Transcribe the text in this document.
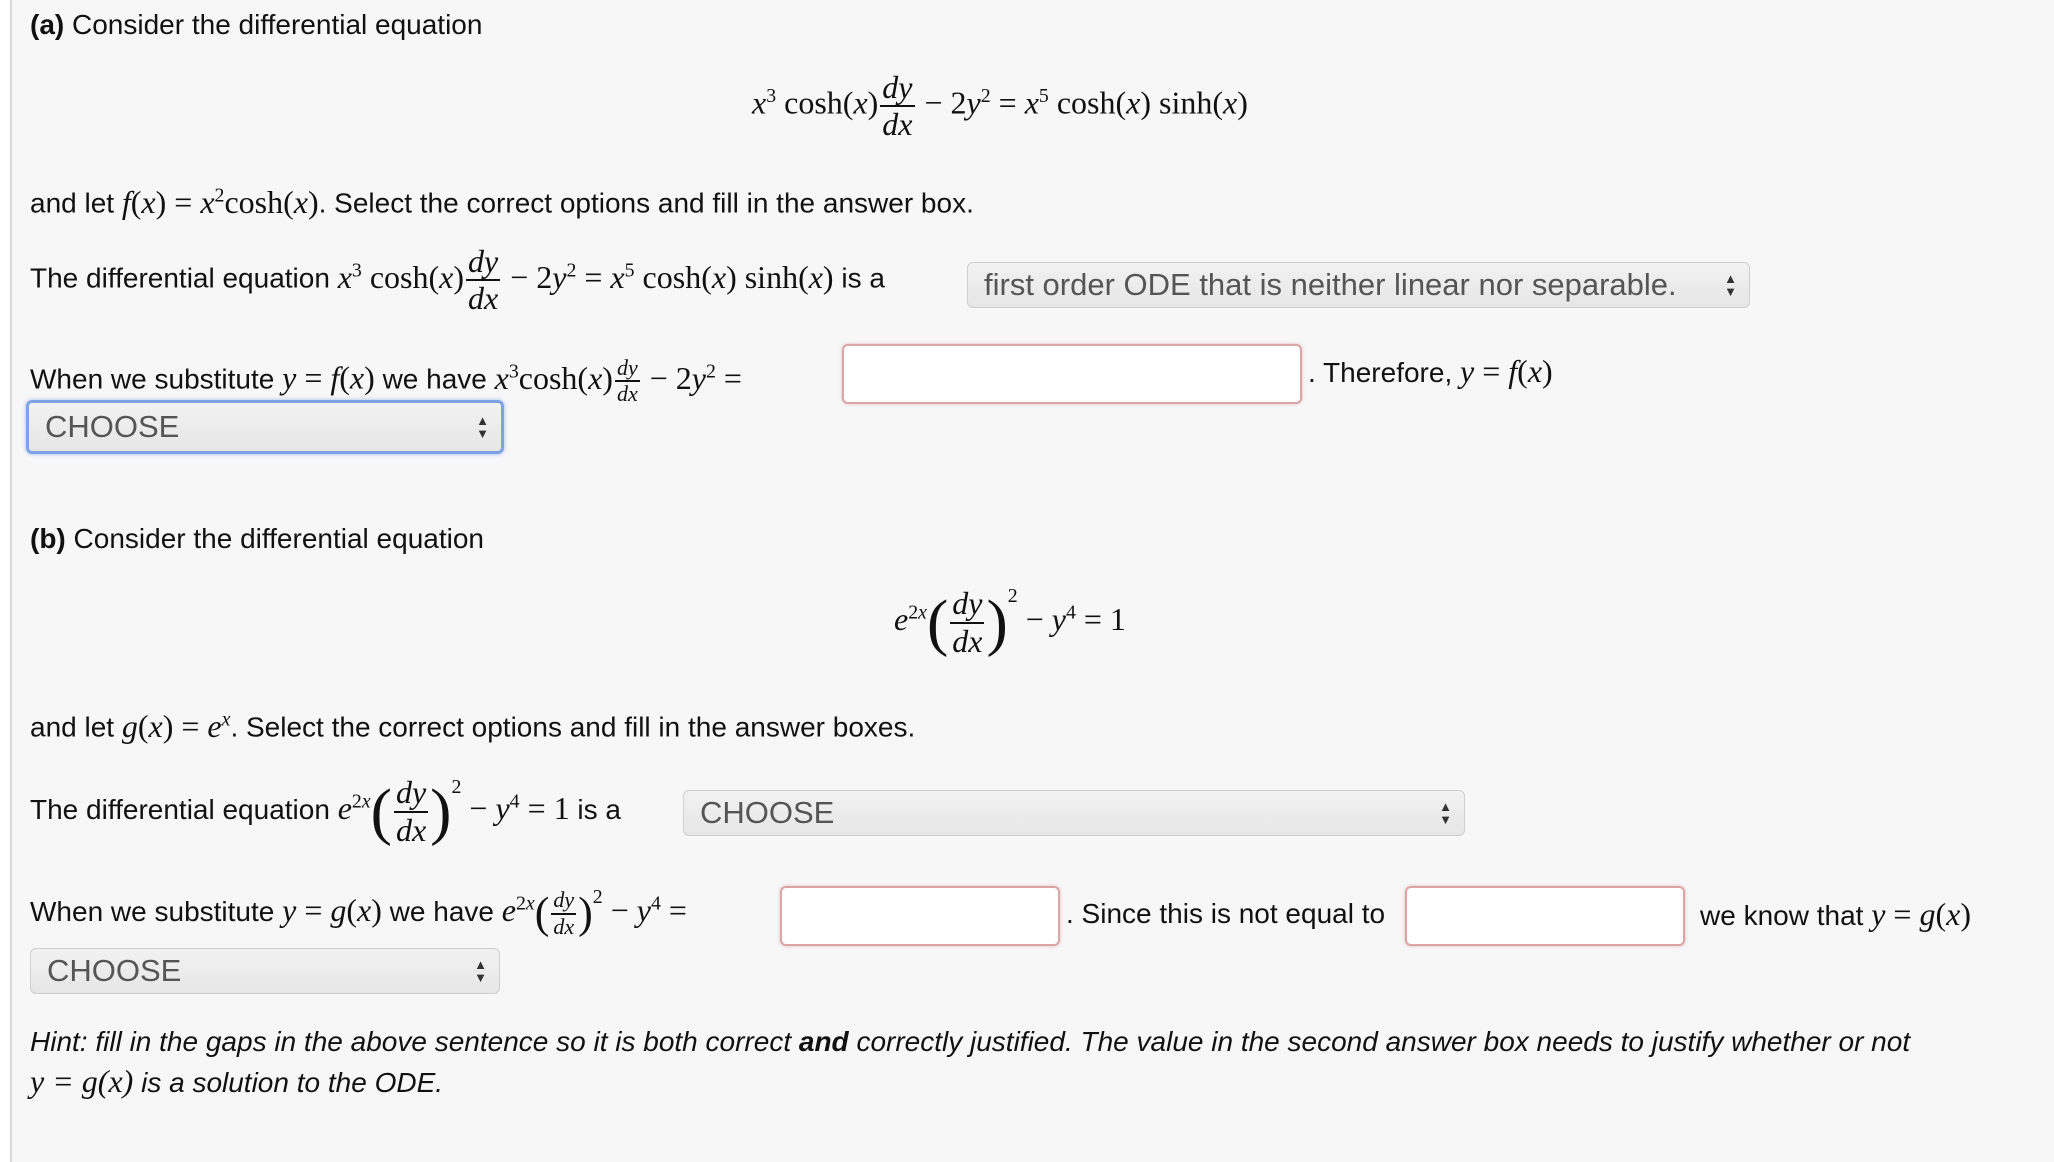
(a) Consider the differential equation
$x^3$ $\cosh(x) \frac{dy}{dx} - 2y^2 = x^5$ cosh(x) sinh(x)
and let $f(x) = x^2\cosh(x)$. Select the correct options and fill in the answer box.
The differential equation $x^3$ $\cosh(x) \frac{dy}{dx} - 2y^2 = x^5$ cosh(x) sinh(x) is a	first order ODE that is neither linear nor separable.	▲
▼
When we substitute y = f(x) we have $x^3\cosh(x) \frac{dy}{dx} - 2y^2$ =	. Therefore, y = f(x)
CHOOSE	▲
▼
(b) Consider the differential equation
$e^{2x}( \frac{dy}{dx} )^2 - y^4 = 1$
and let $g(x) = e^x$. Select the correct options and fill in the answer boxes.
The differential equation $e^{2x}( \frac{dy}{dx} )^2 - y^4 = 1$ is a	CHOOSE	▲
▼
When we substitute y = g(x) we have $e^{2x}( \frac{dy}{dx} )^2 - y^4$ =	. Since this is not equal to	we know that y = g(x)
CHOOSE	▲
▼
Hint: fill in the gaps in the above sentence so it is both correct and correctly justified. The value in the second answer box needs to justify whether or not
y = g(x) is a solution to the ODE.
